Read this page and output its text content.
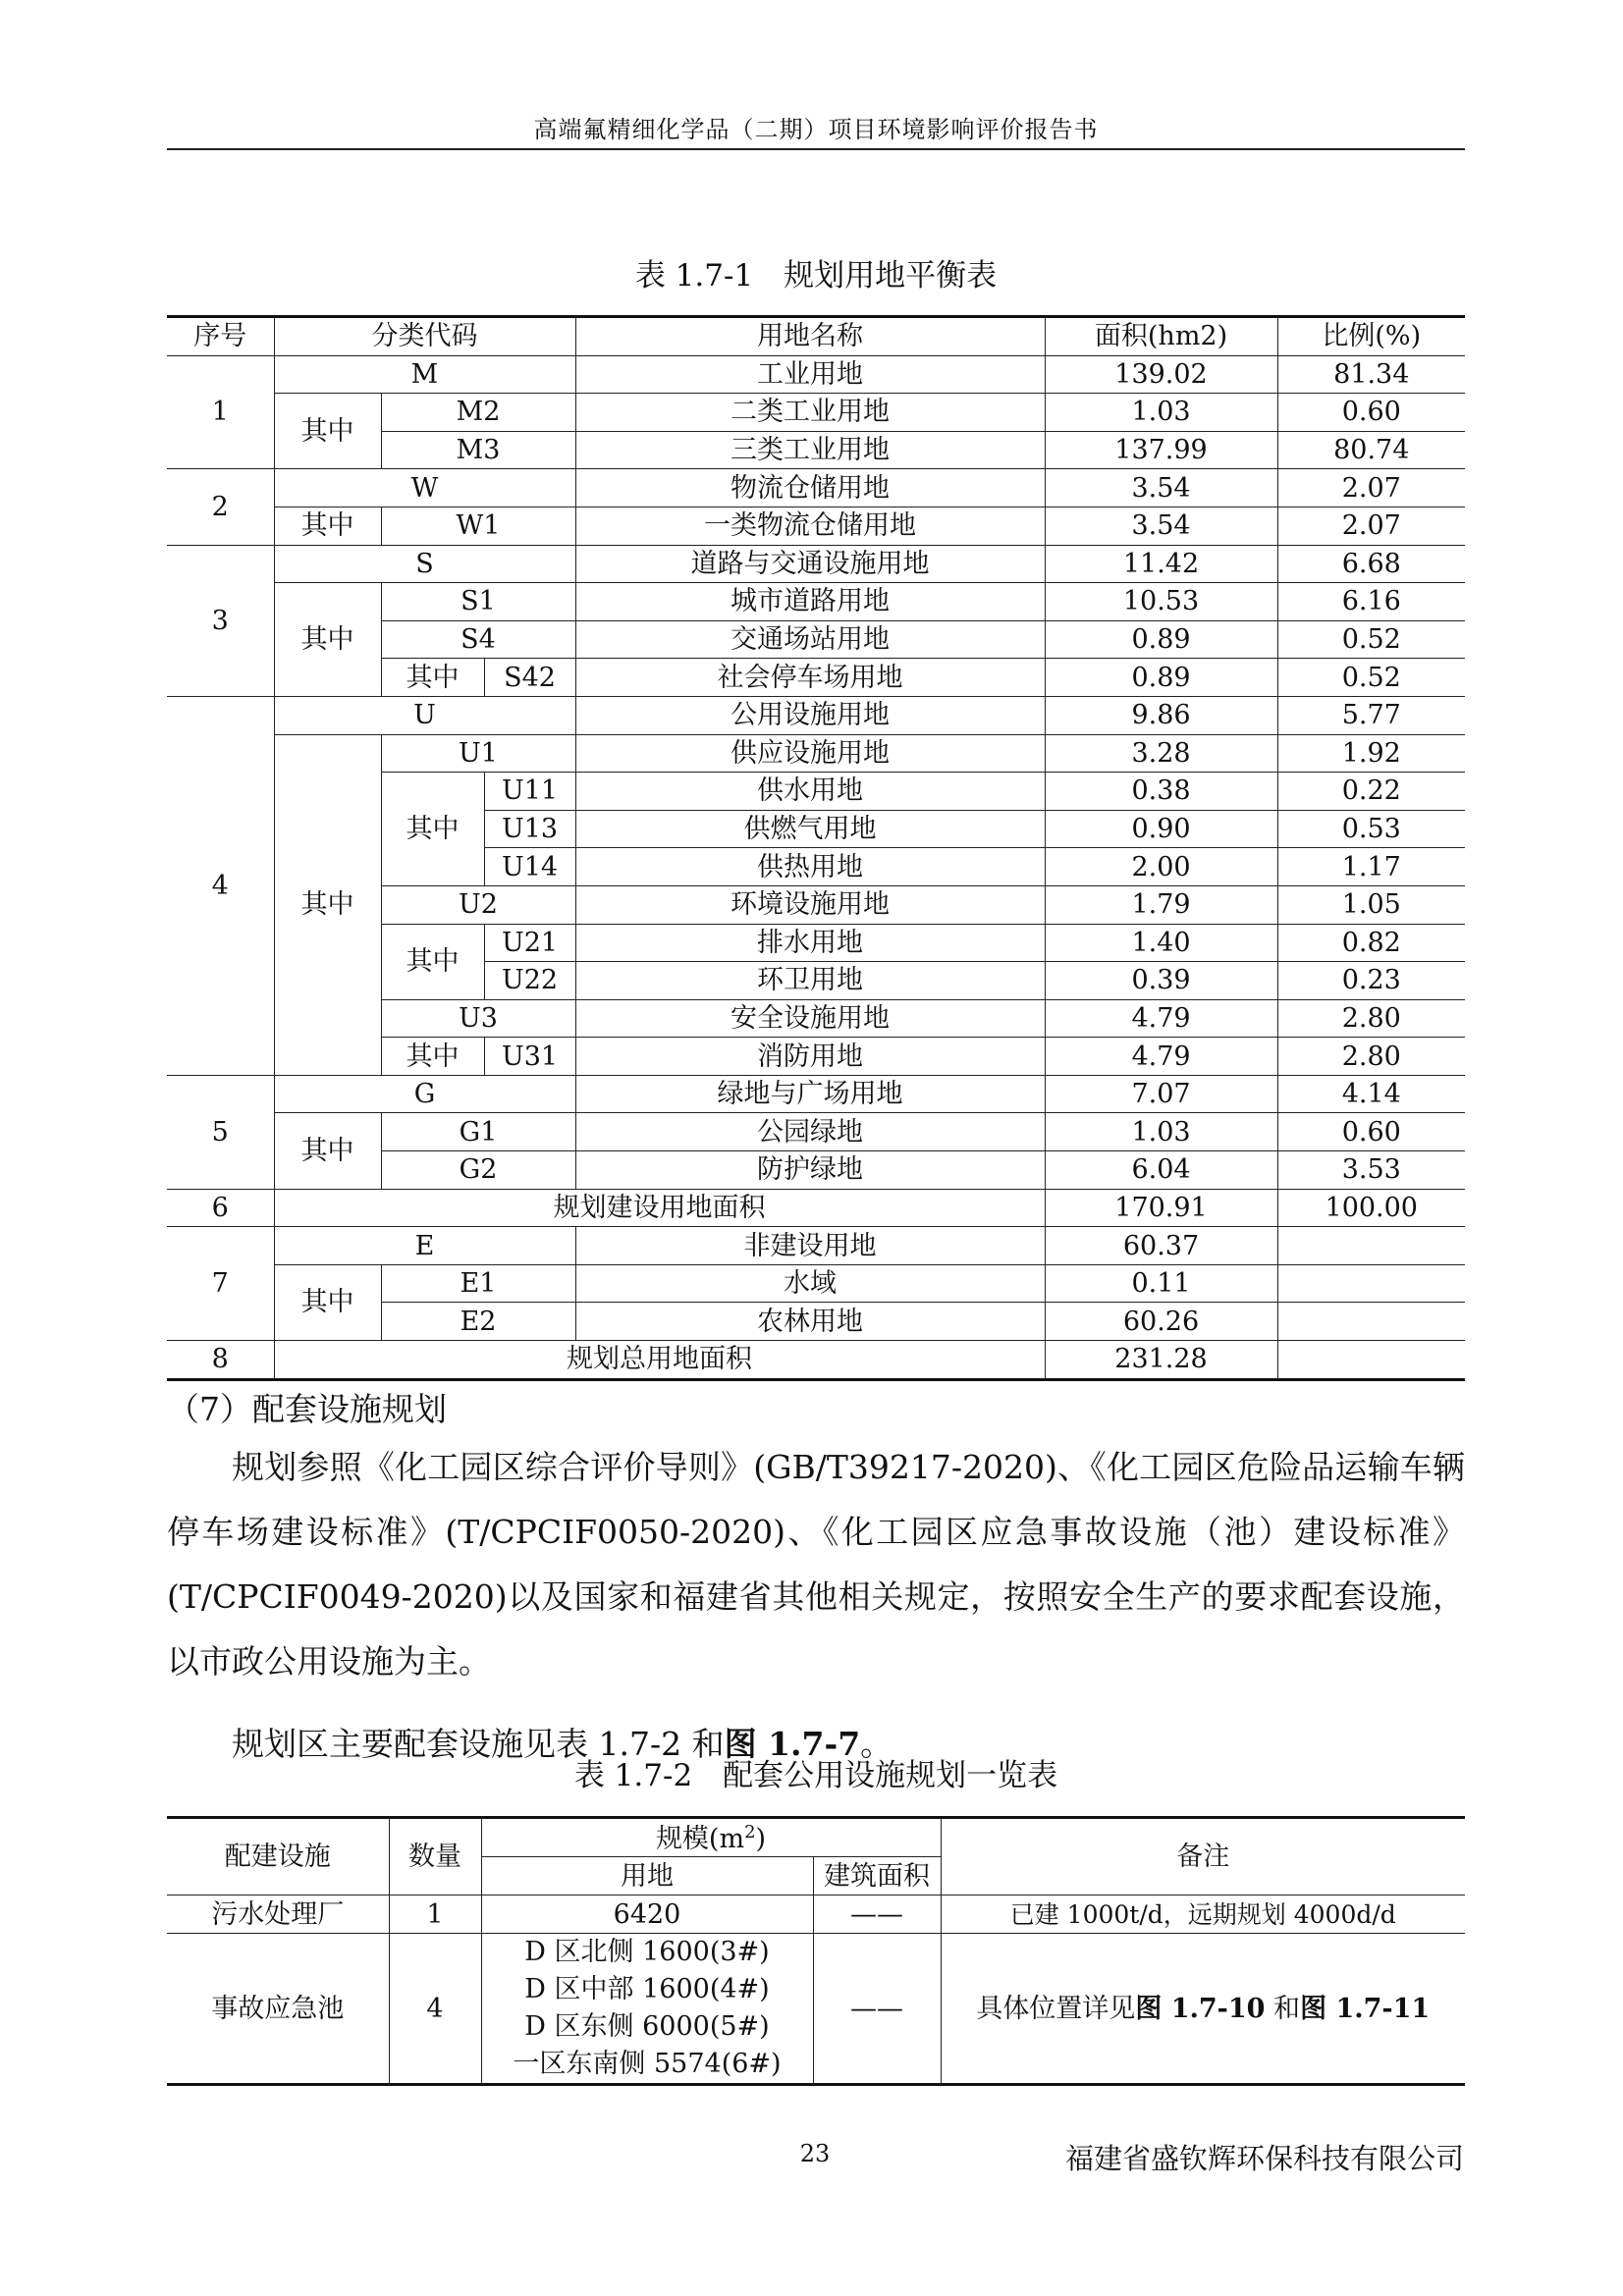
高端氟精细化学品（二期）项目环境影响评价报告书
表 1.7-1　规划用地平衡表
序号	分类代码			用地名称	面积(hm2)	比例(%)
1	M			工业用地	139.02	81.34
	其中	M2		二类工业用地	1.03	0.60
		M3		三类工业用地	137.99	80.74
2	W			物流仓储用地	3.54	2.07
	其中	W1		一类物流仓储用地	3.54	2.07
3	S			道路与交通设施用地	11.42	6.68
	其中	S1		城市道路用地	10.53	6.16
		S4		交通场站用地	0.89	0.52
		其中	S42	社会停车场用地	0.89	0.52
4	U			公用设施用地	9.86	5.77
	其中	U1		供应设施用地	3.28	1.92
		其中	U11	供水用地	0.38	0.22
			U13	供燃气用地	0.90	0.53
			U14	供热用地	2.00	1.17
		U2		环境设施用地	1.79	1.05
		其中	U21	排水用地	1.40	0.82
			U22	环卫用地	0.39	0.23
		U3		安全设施用地	4.79	2.80
		其中	U31	消防用地	4.79	2.80
5	G			绿地与广场用地	7.07	4.14
	其中	G1		公园绿地	1.03	0.60
		G2		防护绿地	6.04	3.53
6	规划建设用地面积				170.91	100.00
7	E			非建设用地	60.37	
	其中	E1		水域	0.11	
		E2		农林用地	60.26	
8	规划总用地面积				231.28	

（7）配套设施规划

规划参照《化工园区综合评价导则》(GB/T39217-2020)、《化工园区危险品运输车辆停车场建设标准》(T/CPCIF0050-2020)、《化工园区应急事故设施（池）建设标准》(T/CPCIF0049-2020)以及国家和福建省其他相关规定，按照安全生产的要求配套设施，以市政公用设施为主。

规划区主要配套设施见表 1.7-2 和图 1.7-7。

表 1.7-2　配套公用设施规划一览表
配建设施	数量	规模$(m^2)$		备注
		用地	建筑面积	
污水处理厂	1	6420	——	已建 1000t/d，远期规划 4000d/d
事故应急池	4	D 区北侧 1600(3#)
D 区中部 1600(4#)
D 区东侧 6000(5#)
一区东南侧 5574(6#)	——	具体位置详见图 1.7-10 和图 1.7-11
23	福建省盛钦辉环保科技有限公司
